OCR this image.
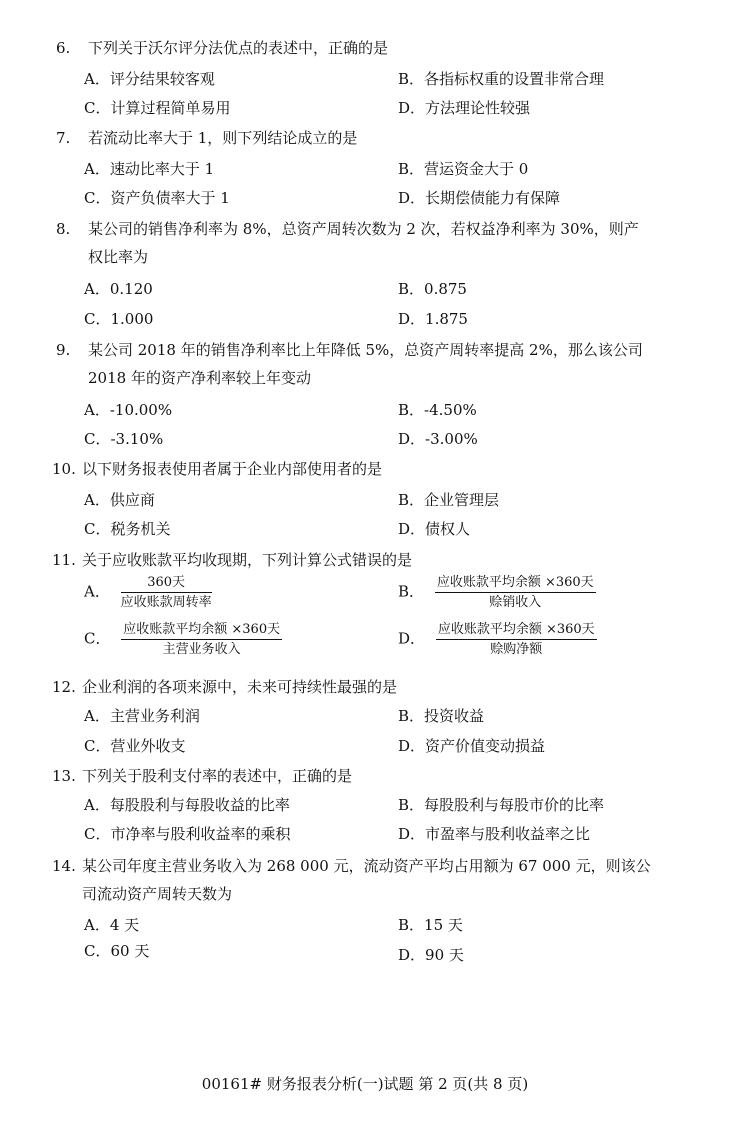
6. 下列关于沃尔评分法优点的表述中，正确的是
A．评分结果较客观	B．各指标权重的设置非常合理
C．计算过程简单易用	D．方法理论性较强
7. 若流动比率大于 1，则下列结论成立的是
A．速动比率大于 1	B．营运资金大于 0
C．资产负债率大于 1	D．长期偿债能力有保障
8. 某公司的销售净利率为 8%，总资产周转次数为 2 次，若权益净利率为 30%，则产
权比率为
A．0.120	B．0.875
C．1.000	D．1.875
9. 某公司 2018 年的销售净利率比上年降低 5%，总资产周转率提高 2%，那么该公司
2018 年的资产净利率较上年变动
A．-10.00%	B．-4.50%
C．-3.10%	D．-3.00%
10. 以下财务报表使用者属于企业内部使用者的是
A．供应商	B．企业管理层
C．税务机关	D．债权人
11. 关于应收账款平均收现期，下列计算公式错误的是
A． $\frac{\text{360天}}{\text{应收账款周转率}}$	B． $\frac{\text{应收账款平均余额 ×360天}}{\text{赊销收入}}$
C． $\frac{\text{应收账款平均余额 ×360天}}{\text{主营业务收入}}$	D． $\frac{\text{应收账款平均余额 ×360天}}{\text{赊购净额}}$
12. 企业利润的各项来源中，未来可持续性最强的是
A．主营业务利润	B．投资收益
C．营业外收支	D．资产价值变动损益
13. 下列关于股利支付率的表述中，正确的是
A．每股股利与每股收益的比率	B．每股股利与每股市价的比率
C．市净率与股利收益率的乘积	D．市盈率与股利收益率之比
14. 某公司年度主营业务收入为 268 000 元，流动资产平均占用额为 67 000 元，则该公
司流动资产周转天数为
A．4 天	B．15 天
C．60 天	D．90 天
00161# 财务报表分析(一)试题 第 2 页(共 8 页)
